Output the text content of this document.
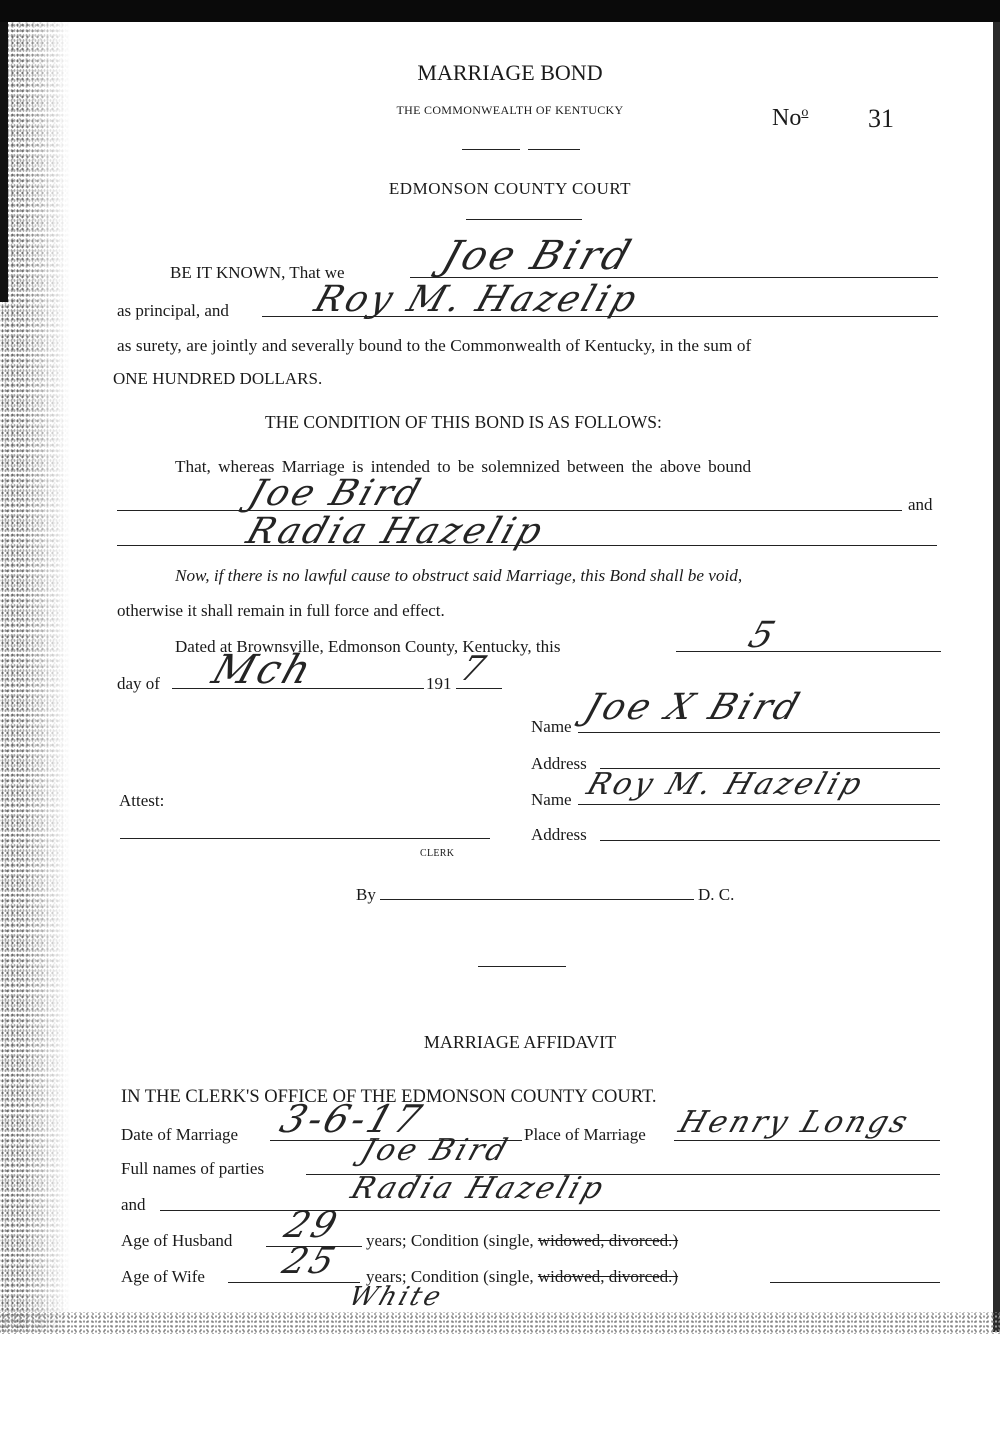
MARRIAGE BOND
THE COMMONWEALTH OF KENTUCKY	No$^o$ 31
EDMONSON COUNTY COURT
BE IT KNOWN, That we Joe Bird
as principal, and Roy M. Hazelip
as surety, are jointly and severally bound to the Commonwealth of Kentucky, in the sum of
ONE HUNDRED DOLLARS.
THE CONDITION OF THIS BOND IS AS FOLLOWS:
That, whereas Marriage is intended to be solemnized between the above bound
Joe Bird	and
Radia Hazelip
Now, if there is no lawful cause to obstruct said Marriage, this Bond shall be void,
otherwise it shall remain in full force and effect.
Dated at Brownsville, Edmonson County, Kentucky, this	5
day of Mch	191 7
Name Joe X Bird
Address
Attest:	Name Roy M. Hazelip
Address
CLERK
By	D. C.
MARRIAGE AFFIDAVIT
IN THE CLERK'S OFFICE OF THE EDMONSON COUNTY COURT.
Date of Marriage 3-6-17	Place of Marriage Henry Longs
Full names of parties
Joe Bird
and	Radia Hazelip
Age of Husband 29 years; Condition (single, widowed, divorced.)
Age of Wife 25 years; Condition (single, widowed, divorced.)
White
